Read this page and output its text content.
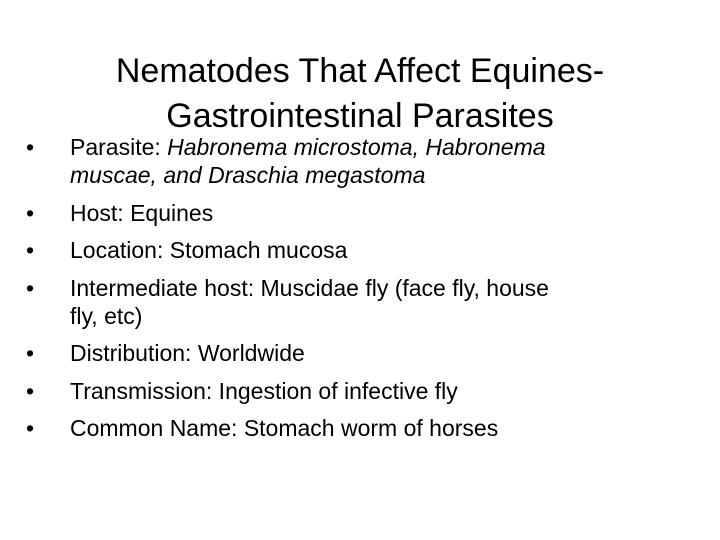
Nematodes That Affect Equines-
Gastrointestinal Parasites
• Parasite: Habronema microstoma, Habronema
muscae, and Draschia megastoma
• Host: Equines
• Location: Stomach mucosa
• Intermediate host: Muscidae fly (face fly, house
fly, etc)
• Distribution: Worldwide
• Transmission: Ingestion of infective fly
• Common Name: Stomach worm of horses
